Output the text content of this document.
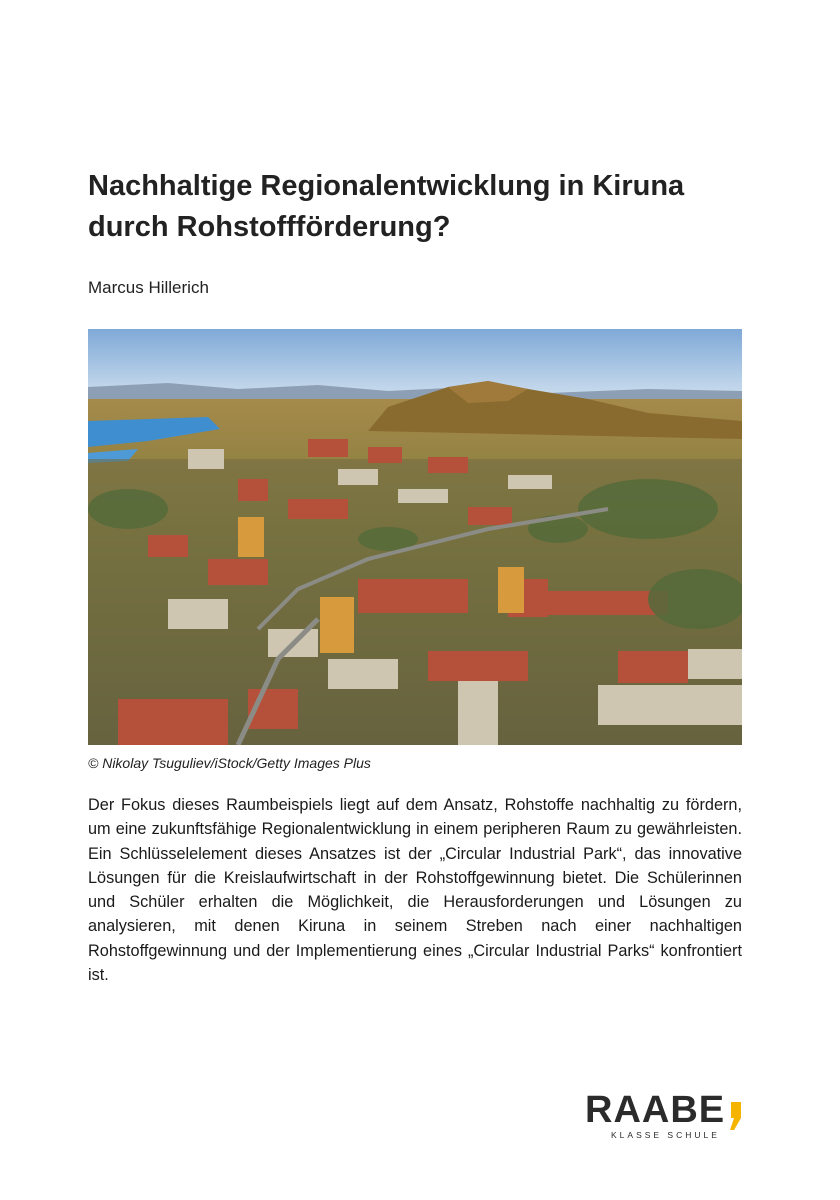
Nachhaltige Regionalentwicklung in Kiruna durch Rohstoffförderung?
Marcus Hillerich
© Nikolay Tsuguliev/iStock/Getty Images Plus

Der Fokus dieses Raumbeispiels liegt auf dem Ansatz, Rohstoffe nachhaltig zu fördern, um eine zukunftsfähige Regionalentwicklung in einem peripheren Raum zu gewährleisten. Ein Schlüsselelement dieses Ansatzes ist der „Circular Industrial Park“, das innovative Lösungen für die Kreislaufwirtschaft in der Rohstoffgewinnung bietet. Die Schülerinnen und Schüler erhalten die Möglichkeit, die Herausforderungen und Lösungen zu analysieren, mit denen Kiruna in seinem Streben nach einer nachhaltigen Rohstoffgewinnung und der Implementierung eines „Circular Industrial Parks“ konfrontiert ist.

RAABE
KLASSE SCHULE
